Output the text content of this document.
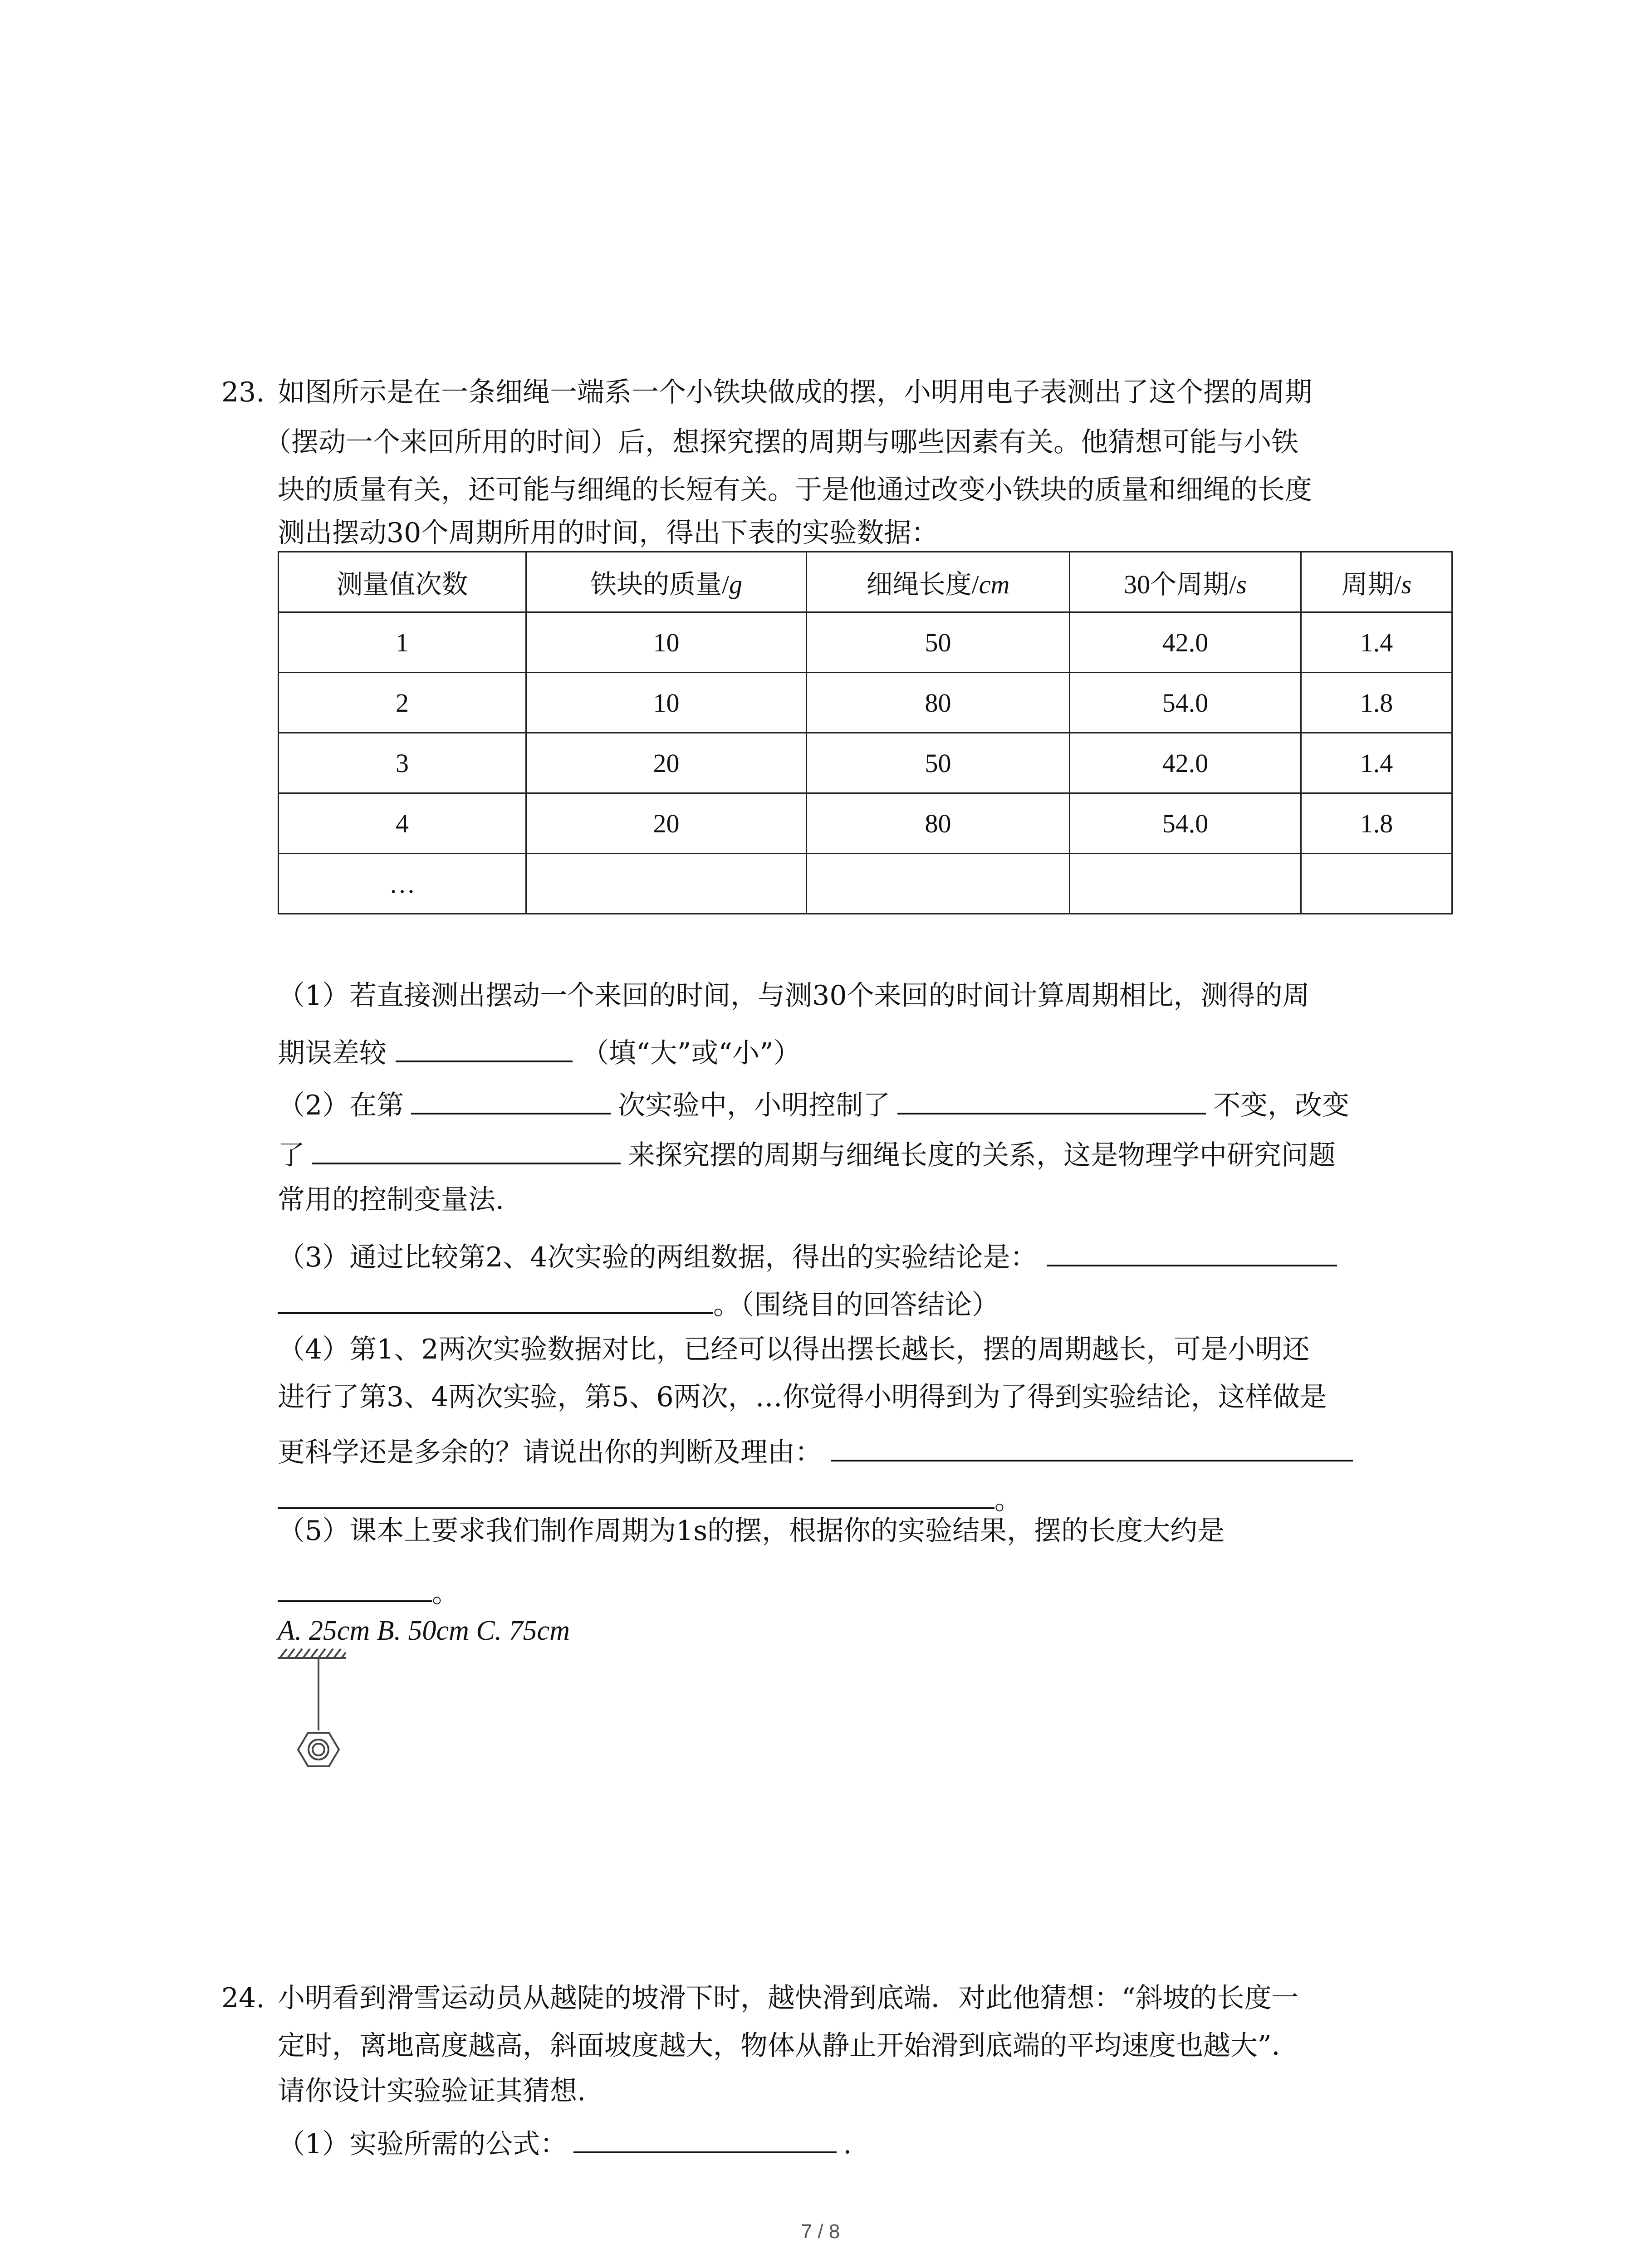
23. 如图所示是在一条细绳一端系一个小铁块做成的摆，小明用电子表测出了这个摆的周期
（摆动一个来回所用的时间）后，想探究摆的周期与哪些因素有关。他猜想可能与小铁
块的质量有关，还可能与细绳的长短有关。于是他通过改变小铁块的质量和细绳的长度
测出摆动30个周期所用的时间，得出下表的实验数据：
测量值次数	铁块的质量/g	细绳长度/cm	30个周期/s	周期/s
1	10	50	42.0	1.4
2	10	80	54.0	1.8
3	20	50	42.0	1.4
4	20	80	54.0	1.8
…				
（1）若直接测出摆动一个来回的时间，与测30个来回的时间计算周期相比，测得的周
期误差较	（填“大”或“小”）
（2）在第	次实验中，小明控制了	不变，改变
了	来探究摆的周期与细绳长度的关系，这是物理学中研究问题
常用的控制变量法.
（3）通过比较第2、4次实验的两组数据，得出的实验结论是：
。（围绕目的回答结论）
（4）第1、2两次实验数据对比，已经可以得出摆长越长，摆的周期越长，可是小明还
进行了第3、4两次实验，第5、6两次，…你觉得小明得到为了得到实验结论，这样做是
更科学还是多余的？请说出你的判断及理由：
。
（5）课本上要求我们制作周期为1s的摆，根据你的实验结果，摆的长度大约是
。
A. 25cm B. 50cm C. 75cm
24. 小明看到滑雪运动员从越陡的坡滑下时，越快滑到底端．对此他猜想：“斜坡的长度一
定时，离地高度越高，斜面坡度越大，物体从静止开始滑到底端的平均速度也越大”．
请你设计实验验证其猜想.
（1）实验所需的公式：	.
7 / 8
